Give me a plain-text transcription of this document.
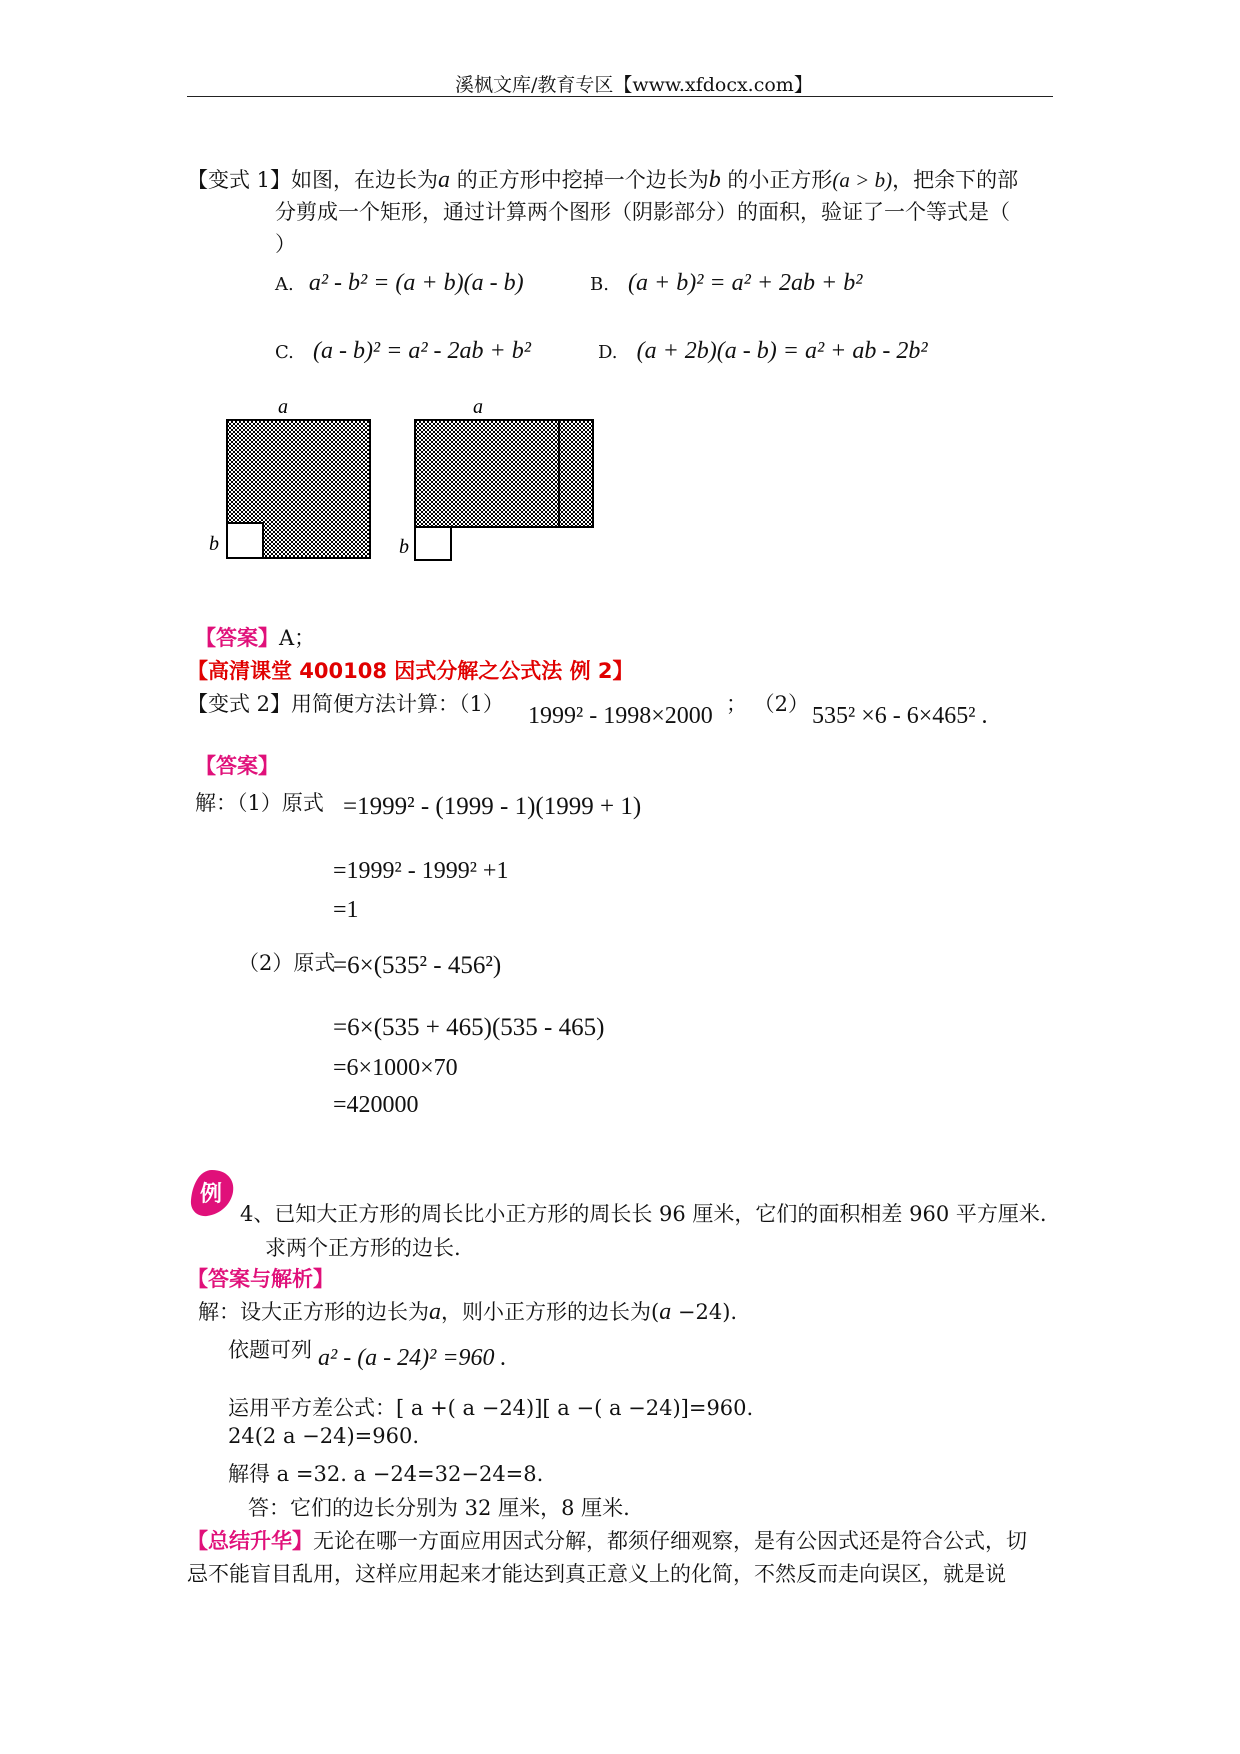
溪枫文库/教育专区【www.xfdocx.com】
【变式 1】如图，在边长为a 的正方形中挖掉一个边长为b 的小正方形(a > b)，把余下的部
分剪成一个矩形，通过计算两个图形（阴影部分）的面积，验证了一个等式是（
）
A. a² - b² = (a + b)(a - b)	B. (a + b)² = a² + 2ab + b²
C. (a - b)² = a² - 2ab + b²	D. (a + 2b)(a - b) = a² + ab - 2b²
a
b
a
b
【答案】A；
【高清课堂 400108 因式分解之公式法 例 2】
【变式 2】用简便方法计算：（1） 1999² - 1998×2000 ； （2） 535² ×6 - 6×465² .
【答案】
解：（1）原式 =1999² - (1999 - 1)(1999 + 1)
=1999² - 1999² +1
=1
（2）原式
=6×(535² - 456²)
=6×(535 + 465)(535 - 465)
=6×1000×70
=420000
例
4、已知大正方形的周长比小正方形的周长长 96 厘米，它们的面积相差 960 平方厘米.
求两个正方形的边长.
【答案与解析】
解：设大正方形的边长为a，则小正方形的边长为(a −24).
依题可列 a² - (a - 24)² =960 .
运用平方差公式：[ a +( a −24)][ a −( a −24)]=960.
24(2 a −24)=960.
解得 a =32. a −24=32−24=8.
答：它们的边长分别为 32 厘米，8 厘米.
【总结升华】无论在哪一方面应用因式分解，都须仔细观察，是有公因式还是符合公式，切
忌不能盲目乱用，这样应用起来才能达到真正意义上的化简，不然反而走向误区，就是说
